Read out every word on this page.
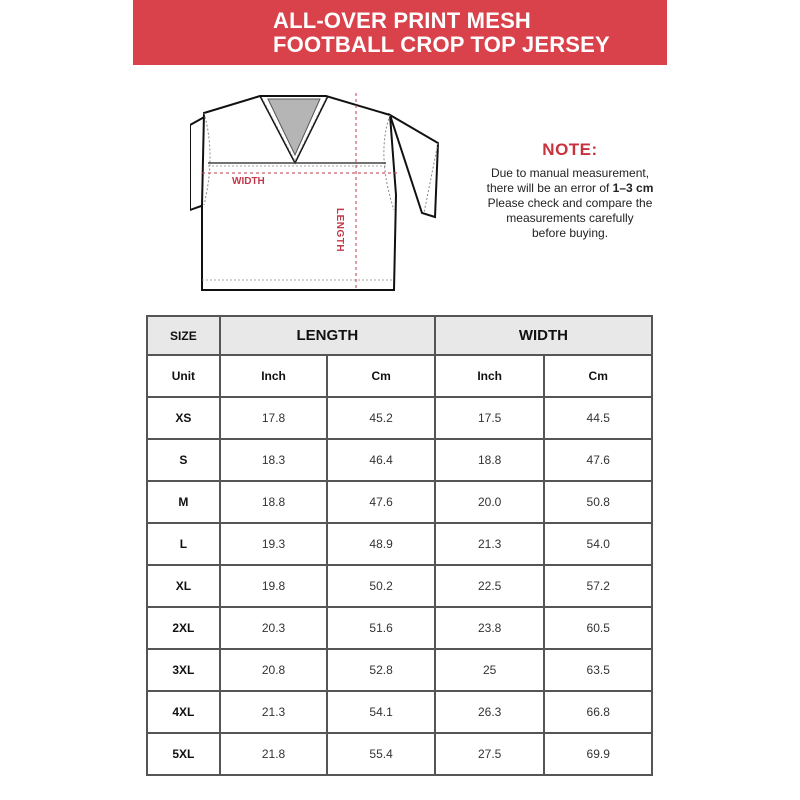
ALL-OVER PRINT MESH
FOOTBALL CROP TOP JERSEY
WIDTH
LENGTH
NOTE:
Due to manual measurement,
there will be an error of 1–3 cm
Please check and compare the
measurements carefully
before buying.
SIZE	LENGTH		WIDTH	
Unit	Inch	Cm	Inch	Cm
XS	17.8	45.2	17.5	44.5
S	18.3	46.4	18.8	47.6
M	18.8	47.6	20.0	50.8
L	19.3	48.9	21.3	54.0
XL	19.8	50.2	22.5	57.2
2XL	20.3	51.6	23.8	60.5
3XL	20.8	52.8	25	63.5
4XL	21.3	54.1	26.3	66.8
5XL	21.8	55.4	27.5	69.9
